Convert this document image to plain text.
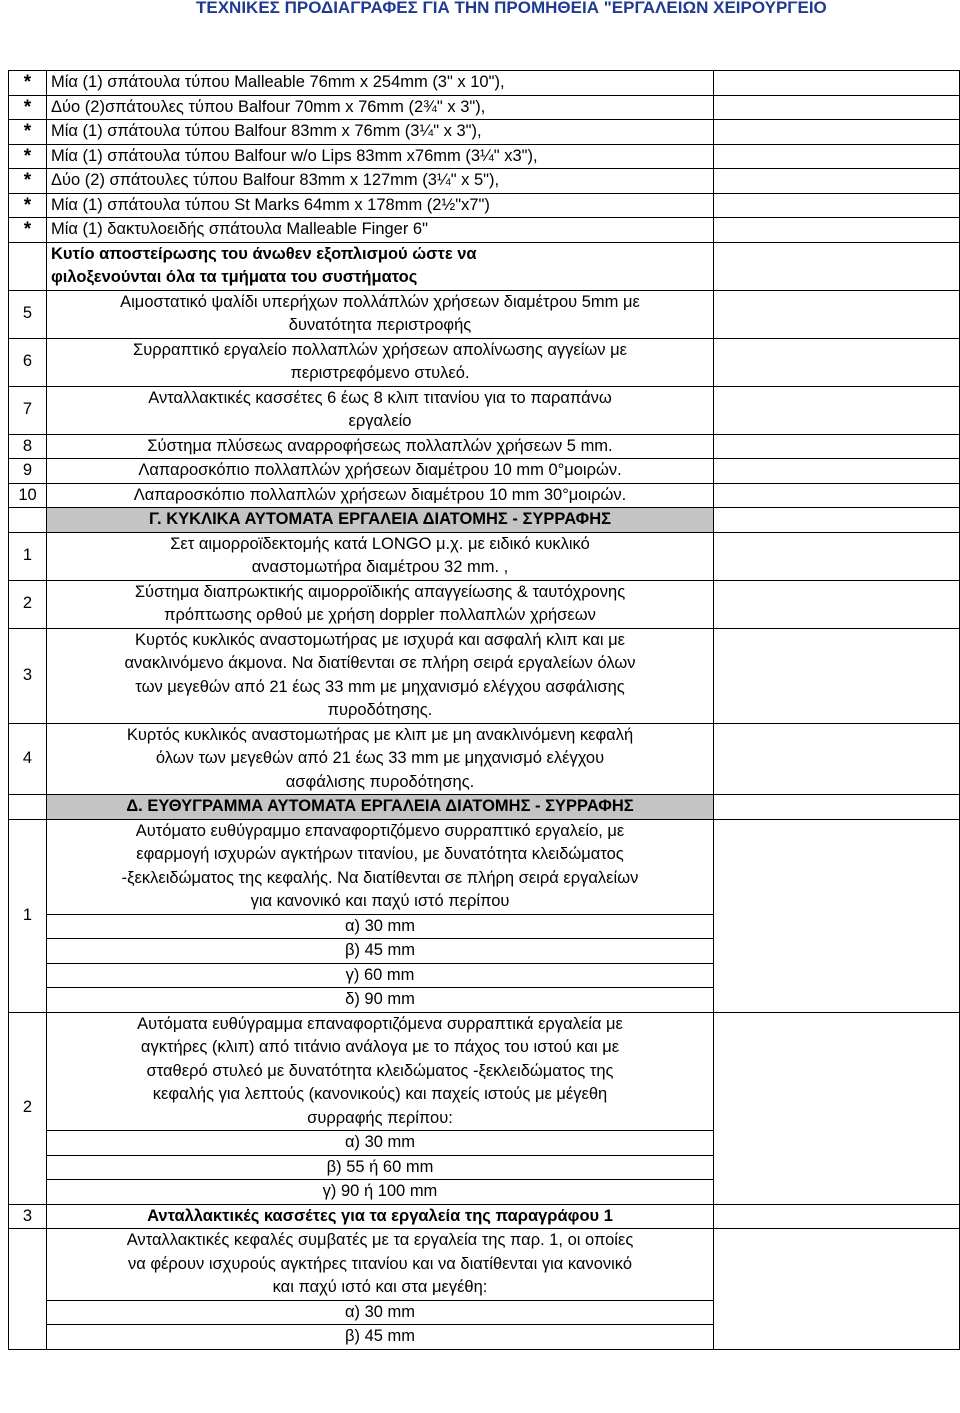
ΤΕΧΝΙΚΕΣ ΠΡΟΔΙΑΓΡΑΦΕΣ ΓΙΑ ΤΗΝ ΠΡΟΜΗΘΕΙΑ "ΕΡΓΑΛΕΙΩΝ ΧΕΙΡΟΥΡΓΕΙΟ
*	Μία (1) σπάτουλα τύπου Malleable 76mm x 254mm (3" x 10"),	

*	Δύο (2)σπάτουλες τύπου Balfour 70mm x 76mm (2¾" x 3"),	

*	Μία (1) σπάτουλα τύπου Balfour 83mm x 76mm (3¼" x 3"),	

*	Μία (1) σπάτουλα τύπου Balfour w/o Lips 83mm x76mm (3¼" x3"),	

*	Δύο (2) σπάτουλες τύπου Balfour 83mm x 127mm (3¼" x 5"),	

*	Μία (1) σπάτουλα τύπου St Marks 64mm x 178mm (2½"x7")	

*	Μία (1) δακτυλοειδής σπάτουλα Malleable Finger 6"	

	Κυτίο αποστείρωσης του άνωθεν εξοπλισμού ώστε να
φιλοξενούνται όλα τα τμήματα του συστήματος	

5	Αιμοστατικό ψαλίδι υπερήχων πολλάπλών χρήσεων διαμέτρου 5mm με
δυνατότητα περιστροφής	

6	Συρραπτικό εργαλείο πολλαπλών χρήσεων απολίνωσης αγγείων με
περιστρεφόμενο στυλεό.	

7	Ανταλλακτικές κασσέτες 6 έως 8 κλιπ τιτανίου για το παραπάνω
εργαλείο	

8	Σύστημα πλύσεως αναρροφήσεως πολλαπλών χρήσεων 5 mm.	

9	Λαπαροσκόπιο πολλαπλών χρήσεων διαμέτρου 10 mm 0°μοιρών.	

10	Λαπαροσκόπιο πολλαπλών χρήσεων διαμέτρου 10 mm 30°μοιρών.	

	Γ. ΚΥΚΛΙΚΑ ΑΥΤΟΜΑΤΑ ΕΡΓΑΛΕΙΑ ΔΙΑΤΟΜΗΣ - ΣΥΡΡΑΦΗΣ	
1	Σετ αιμορροϊδεκτομής κατά LONGO μ.χ. με ειδικό κυκλικό
αναστομωτήρα διαμέτρου 32 mm. ,	

2	Σύστημα διαπρωκτικής αιμορροϊδικής απαγγείωσης & ταυτόχρονης
πρόπτωσης ορθού με χρήση doppler πολλαπλών χρήσεων	

3	Κυρτός κυκλικός αναστομωτήρας με ισχυρά και ασφαλή κλιπ και με
ανακλινόμενο άκμονα. Να διατίθενται σε πλήρη σειρά εργαλείων όλων
των μεγεθών από 21 έως 33 mm με μηχανισμό ελέγχου ασφάλισης
πυροδότησης.	

4	Κυρτός κυκλικός αναστομωτήρας με κλιπ με μη ανακλινόμενη κεφαλή
όλων των μεγεθών από 21 έως 33 mm με μηχανισμό ελέγχου
ασφάλισης πυροδότησης.	

	Δ. ΕΥΘΥΓΡΑΜΜΑ ΑΥΤΟΜΑΤΑ ΕΡΓΑΛΕΙΑ ΔΙΑΤΟΜΗΣ - ΣΥΡΡΑΦΗΣ	
1	Αυτόματο ευθύγραμμο επαναφορτιζόμενο συρραπτικό εργαλείο, με
εφαρμογή ισχυρών αγκτήρων τιτανίου, με δυνατότητα κλειδώματος
-ξεκλειδώματος της κεφαλής. Να διατίθενται σε πλήρη σειρά εργαλείων
για κανονικό και παχύ ιστό περίπου	

	α) 30 mm	
	β) 45 mm	
	γ) 60 mm	
	δ) 90 mm	
2	Αυτόματα ευθύγραμμα επαναφορτιζόμενα συρραπτικά εργαλεία με
αγκτήρες (κλιπ) από τιτάνιο ανάλογα με το πάχος του ιστού και με
σταθερό στυλεό με δυνατότητα κλειδώματος -ξεκλειδώματος της
κεφαλής για λεπτούς (κανονικούς) και παχείς ιστούς με μέγεθη
συρραφής περίπου:	

	α) 30 mm	
	β) 55 ή 60 mm	
	γ) 90 ή 100 mm	
3	Ανταλλακτικές κασσέτες για τα εργαλεία της παραγράφου 1	

	Ανταλλακτικές κεφαλές συμβατές με τα εργαλεία της παρ. 1, οι οποίες
να φέρουν ισχυρούς αγκτήρες τιτανίου και να διατίθενται για κανονικό
και παχύ ιστό και στα μεγέθη:	

	α) 30 mm	
	β) 45 mm	
